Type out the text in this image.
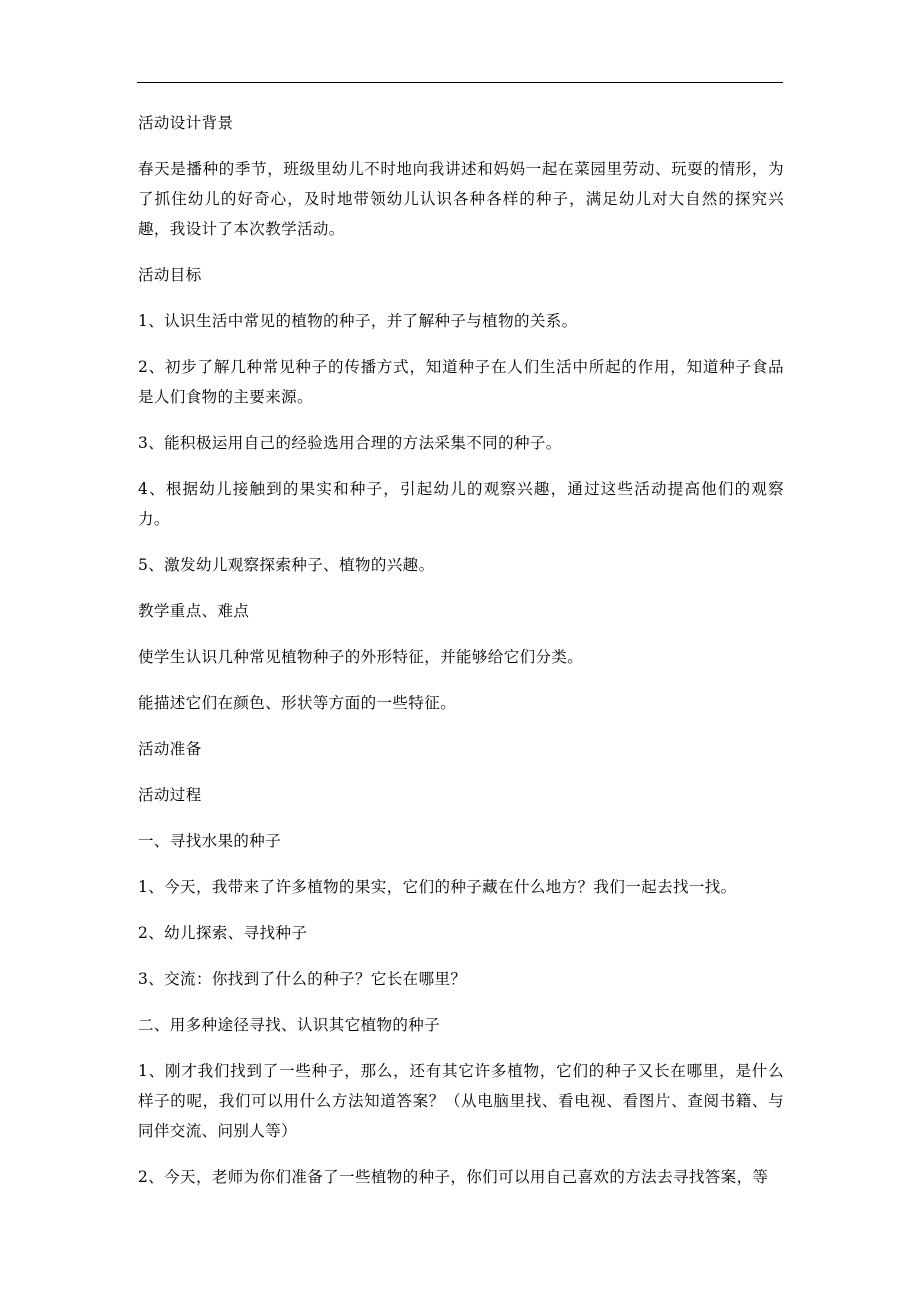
活动设计背景

春天是播种的季节，班级里幼儿不时地向我讲述和妈妈一起在菜园里劳动、玩耍的情形，为了抓住幼儿的好奇心，及时地带领幼儿认识各种各样的种子，满足幼儿对大自然的探究兴趣，我设计了本次教学活动。

活动目标

1、认识生活中常见的植物的种子，并了解种子与植物的关系。

2、初步了解几种常见种子的传播方式，知道种子在人们生活中所起的作用，知道种子食品是人们食物的主要来源。

3、能积极运用自己的经验选用合理的方法采集不同的种子。

4、根据幼儿接触到的果实和种子，引起幼儿的观察兴趣，通过这些活动提高他们的观察力。

5、激发幼儿观察探索种子、植物的兴趣。

教学重点、难点

使学生认识几种常见植物种子的外形特征，并能够给它们分类。

能描述它们在颜色、形状等方面的一些特征。

活动准备

活动过程

一、寻找水果的种子

1、今天，我带来了许多植物的果实，它们的种子藏在什么地方？我们一起去找一找。

2、幼儿探索、寻找种子

3、交流：你找到了什么的种子？它长在哪里？

二、用多种途径寻找、认识其它植物的种子

1、刚才我们找到了一些种子，那么，还有其它许多植物，它们的种子又长在哪里，是什么样子的呢，我们可以用什么方法知道答案？（从电脑里找、看电视、看图片、查阅书籍、与同伴交流、问别人等）

2、今天，老师为你们准备了一些植物的种子，你们可以用自己喜欢的方法去寻找答案，等
